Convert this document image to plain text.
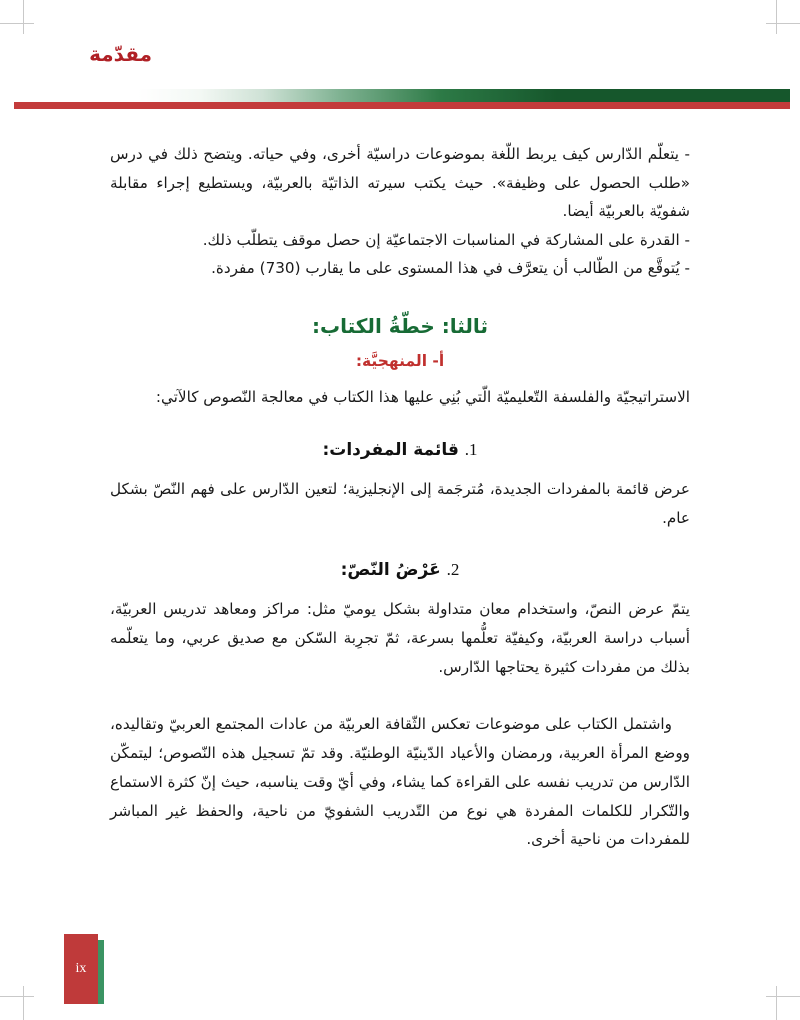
مقدّمة
- يتعلّم الدّارس كيف يربط اللّغة بموضوعات دراسيّة أخرى، وفي حياته. ويتضح ذلك في درس «طلب الحصول على وظيفة». حيث يكتب سيرته الذاتيّة بالعربيّة، ويستطيع إجراء مقابلة شفويّة بالعربيّة أيضا.
- القدرة على المشاركة في المناسبات الاجتماعيّة إن حصل موقف يتطلّب ذلك.
- يُتوقَّع من الطّالب أن يتعرَّف في هذا المستوى على ما يقارب (730) مفردة.
ثالثا: خطّةُ الكتاب:
أ- المنهجيَّة:

الاستراتيجيّة والفلسفة التّعليميّة الّتي بُنِي عليها هذا الكتاب في معالجة النّصوص كالآتي:

1. قائمة المفردات:

عرض قائمة بالمفردات الجديدة، مُترجَمة إلى الإنجليزية؛ لتعين الدّارس على فهم النّصّ بشكل عام.

2. عَرْضُ النّصّ:

يتمّ عرض النصّ، واستخدام معان متداولة بشكل يوميّ مثل: مراكز ومعاهد تدريس العربيّة، أسباب دراسة العربيّة، وكيفيّة تعلُّمها بسرعة، ثمّ تجرِبة السّكن مع صديق عربي، وما يتعلّمه بذلك من مفردات كثيرة يحتاجها الدّارس.

واشتمل الكتاب على موضوعات تعكس الثّقافة العربيّة من عادات المجتمع العربيّ وتقاليده، ووضع المرأة العربية، ورمضان والأعياد الدّينيّة الوطنيّة. وقد تمّ تسجيل هذه النّصوص؛ ليتمكّن الدّارس من تدريب نفسه على القراءة كما يشاء، وفي أيّ وقت يناسبه، حيث إنّ كثرة الاستماع والتّكرار للكلمات المفردة هي نوع من التّدريب الشفويّ من ناحية، والحفظ غير المباشر للمفردات من ناحية أخرى.

ix
